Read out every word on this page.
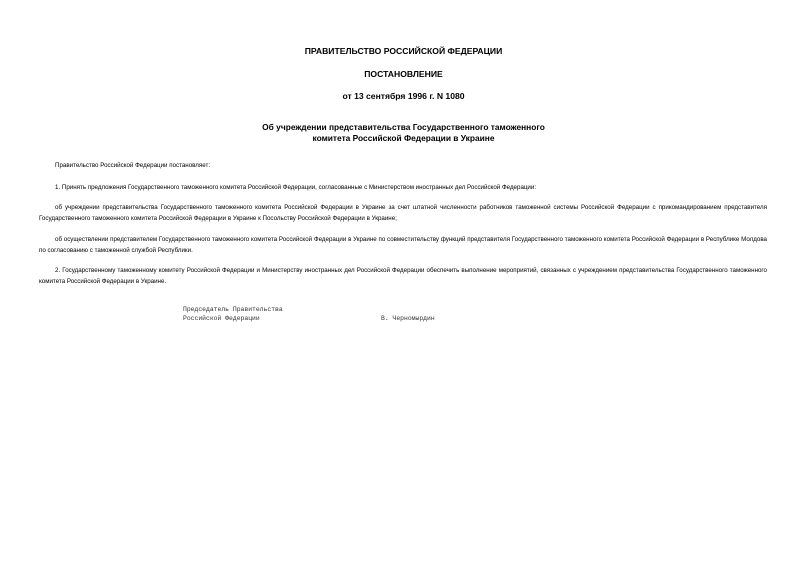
ПРАВИТЕЛЬСТВО РОССИЙСКОЙ ФЕДЕРАЦИИ
ПОСТАНОВЛЕНИЕ
от 13 сентября 1996 г. N 1080
Об учреждении представительства Государственного таможенного
комитета Российской Федерации в Украине

Правительство Российской Федерации постановляет:

1. Принять предложения Государственного таможенного комитета Российской Федерации, согласованные с Министерством иностранных дел Российской Федерации:

об учреждении представительства Государственного таможенного комитета Российской Федерации в Украине за счет штатной численности работников таможенной системы Российской Федерации с прикомандированием представителя Государственного таможенного комитета Российской Федерации в Украине к Посольству Российской Федерации в Украине;

об осуществлении представителем Государственного таможенного комитета Российской Федерации в Украине по совместительству функций представителя Государственного таможенного комитета Российской Федерации в Республике Молдова по согласованию с таможенной службой Республики.

2. Государственному таможенному комитету Российской Федерации и Министерству иностранных дел Российской Федерации обеспечить выполнение мероприятий, связанных с учреждением представительства Государственного таможенного комитета Российской Федерации в Украине.

Председатель Правительства
Российской Федерации	В. Черномырдин
